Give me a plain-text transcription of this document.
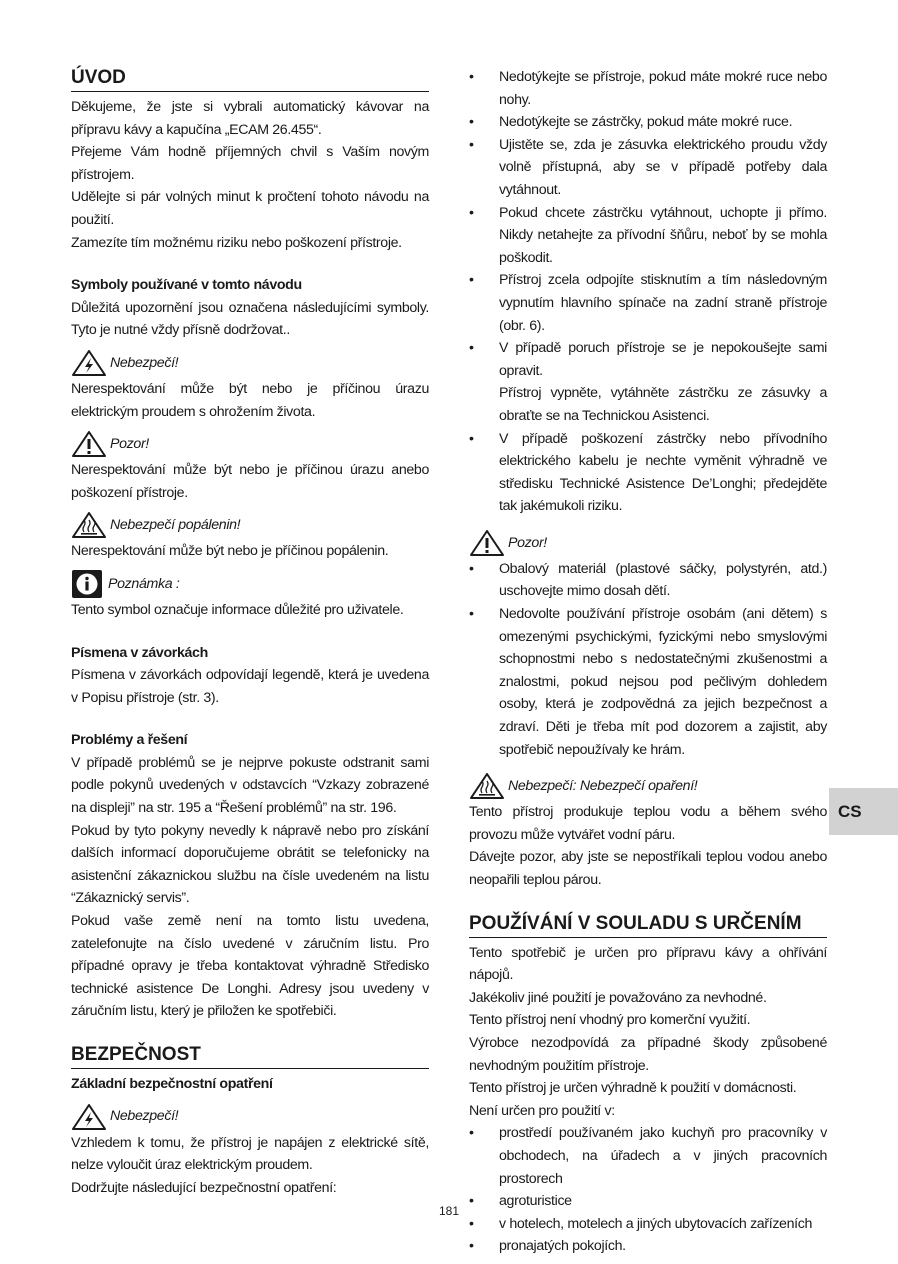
ÚVOD

Děkujeme, že jste si vybrali automatický kávovar na přípravu kávy a kapučína „ECAM 26.455“.

Přejeme Vám hodně příjemných chvil s Vaším novým přístrojem.

Udělejte si pár volných minut k pročtení tohoto návodu na použití.

Zamezíte tím možnému riziku nebo poškození přístroje.

Symboly používané v tomto návodu

Důležitá upozornění jsou označena následujícími symboly. Tyto je nutné vždy přísně dodržovat..

Nebezpečí!

Nerespektování může být nebo je příčinou úrazu elektrickým proudem s ohrožením života.

Pozor!

Nerespektování může být nebo je příčinou úrazu anebo poškození přístroje.

Nebezpečí popálenin!

Nerespektování může být nebo je příčinou popálenin.

Poznámka :

Tento symbol označuje informace důležité pro uživatele.

Písmena v závorkách

Písmena v závorkách odpovídají legendě, která je uvedena v Popisu přístroje (str. 3).

Problémy a řešení

V případě problémů se je nejprve pokuste odstranit sami podle pokynů uvedených v odstavcích “Vzkazy zobrazené na displeji” na str. 195 a “Řešení problémů” na str. 196.

Pokud by tyto pokyny nevedly k nápravě nebo pro získání dalších informací doporučujeme obrátit se telefonicky na asistenční zákaznickou službu na čísle uvedeném na listu “Zákaznický servis”.

Pokud vaše země není na tomto listu uvedena, zatelefonujte na číslo uvedené v záručním listu. Pro případné opravy je třeba kontaktovat výhradně Středisko technické asistence De Longhi. Adresy jsou uvedeny v záručním listu, který je přiložen ke spotřebiči.

BEZPEČNOST

Základní bezpečnostní opatření

Nebezpečí!

Vzhledem k tomu, že přístroj je napájen z elektrické sítě, nelze vyloučit úraz elektrickým proudem.

Dodržujte následující bezpečnostní opatření:

• Nedotýkejte se přístroje, pokud máte mokré ruce nebo nohy.
• Nedotýkejte se zástrčky, pokud máte mokré ruce.
• Ujistěte se, zda je zásuvka elektrického proudu vždy volně přístupná, aby se v případě potřeby dala vytáhnout.
• Pokud chcete zástrčku vytáhnout, uchopte ji přímo. Nikdy netahejte za přívodní šňůru, neboť by se mohla poškodit.
• Přístroj zcela odpojíte stisknutím a tím následovným vypnutím hlavního spínače na zadní straně přístroje (obr. 6).
• V případě poruch přístroje se je nepokoušejte sami opravit.

Přístroj vypněte, vytáhněte zástrčku ze zásuvky a obraťte se na Technickou Asistenci.

• V případě poškození zástrčky nebo přívodního elektrického kabelu je nechte vyměnit výhradně ve středisku Technické Asistence De’Longhi; předejděte tak jakémukoli riziku.
Pozor!
• Obalový materiál (plastové sáčky, polystyrén, atd.) uschovejte mimo dosah dětí.
• Nedovolte používání přístroje osobám (ani dětem) s omezenými psychickými, fyzickými nebo smyslovými schopnostmi nebo s nedostatečnými zkušenostmi a znalostmi, pokud nejsou pod pečlivým dohledem osoby, která je zodpovědná za jejich bezpečnost a zdraví. Děti je třeba mít pod dozorem a zajistit, aby spotřebič nepoužívaly ke hrám.
Nebezpečí: Nebezpečí opaření!

Tento přístroj produkuje teplou vodu a během svého provozu může vytvářet vodní páru.

Dávejte pozor, aby jste se nepostříkali teplou vodou anebo neopařili teplou párou.

POUŽÍVÁNÍ V SOULADU S URČENÍM

Tento spotřebič je určen pro přípravu kávy a ohřívání nápojů.

Jakékoliv jiné použití je považováno za nevhodné.

Tento přístroj není vhodný pro komerční využití.

Výrobce nezodpovídá za případné škody způsobené nevhodným použitím přístroje.

Tento přístroj je určen výhradně k použití v domácnosti.

Není určen pro použití v:

• prostředí používaném jako kuchyň pro pracovníky v obchodech, na úřadech a v jiných pracovních prostorech
• agroturistice
• v hotelech, motelech a jiných ubytovacích zařízeních
• pronajatých pokojích.
CS
181
